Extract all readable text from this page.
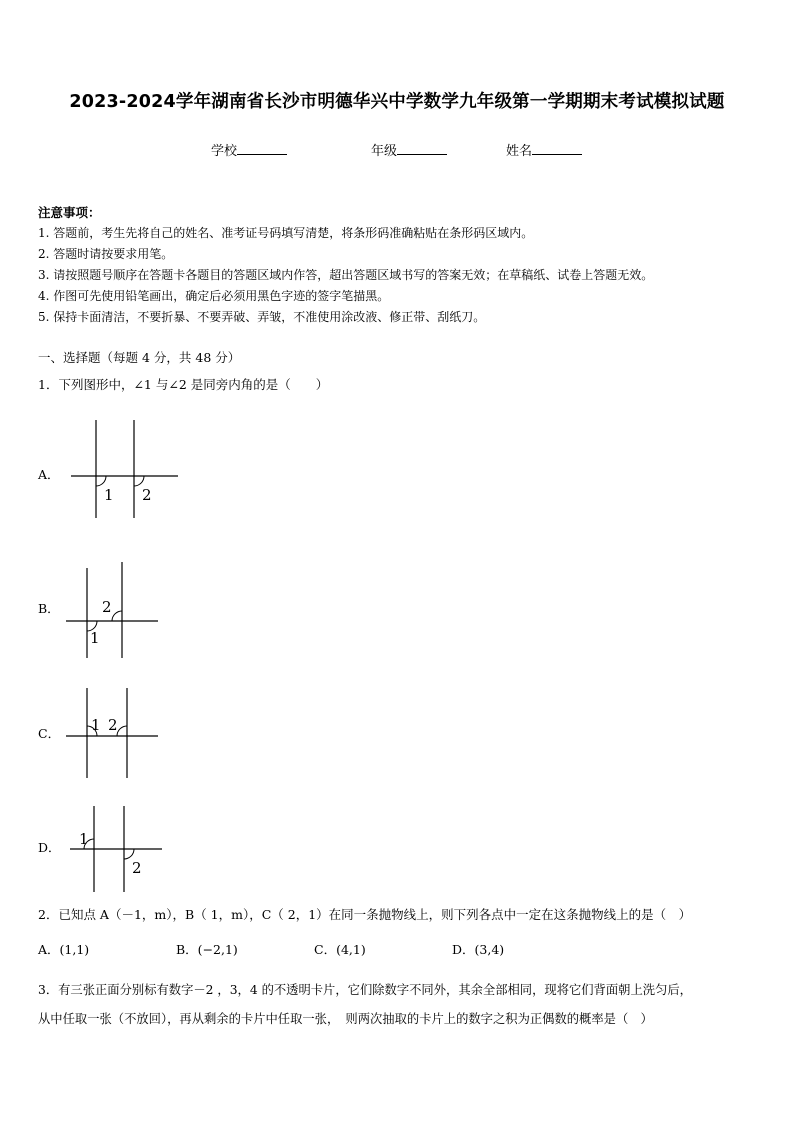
2023-2024学年湖南省长沙市明德华兴中学数学九年级第一学期期末考试模拟试题
学校	年级	姓名
注意事项：
1. 答题前，考生先将自己的姓名、准考证号码填写清楚，将条形码准确粘贴在条形码区域内。
2. 答题时请按要求用笔。
3. 请按照题号顺序在答题卡各题目的答题区域内作答，超出答题区域书写的答案无效；在草稿纸、试卷上答题无效。
4. 作图可先使用铅笔画出，确定后必须用黑色字迹的签字笔描黑。
5. 保持卡面清洁，不要折暴、不要弄破、弄皱，不准使用涂改液、修正带、刮纸刀。
一、选择题（每题 4 分，共 48 分）
1．下列图形中，∠1 与∠2 是同旁内角的是（　　）
A．
1 2
B．
1
2
C． 1 2
D． 1
2
2．已知点 A（－1，m），B（ 1，m），C（ 2，1）在同一条抛物线上，则下列各点中一定在这条抛物线上的是（　）
A．(1,1)	B．(−2,1)	C．(4,1)	D．(3,4)
3．有三张正面分别标有数字－2 ，3，4 的不透明卡片，它们除数字不同外，其余全部相同，现将它们背面朝上洗匀后，
从中任取一张（不放回），再从剩余的卡片中任取一张，　则两次抽取的卡片上的数字之积为正偶数的概率是（　）
